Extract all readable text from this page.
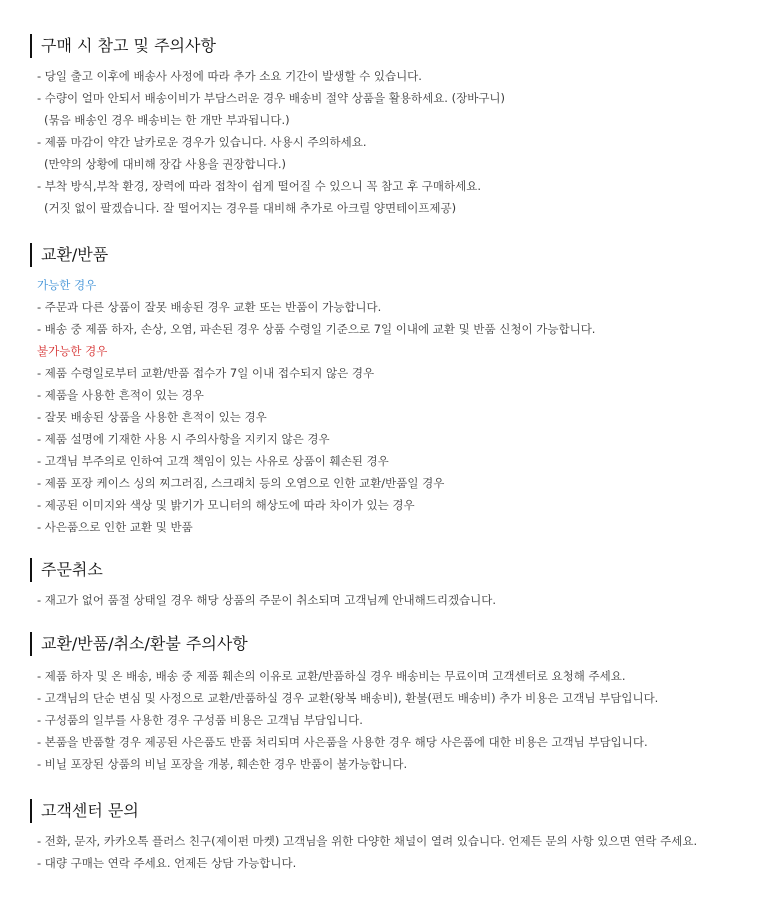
구매 시 참고 및 주의사항
- 당일 출고 이후에 배송사 사정에 따라 추가 소요 기간이 발생할 수 있습니다.
- 수량이 얼마 안되서 배송이비가 부담스러운 경우 배송비 절약 상품을 활용하세요. (장바구니)
(묶음 배송인 경우 배송비는 한 개만 부과됩니다.)
- 제품 마감이 약간 날카로운 경우가 있습니다. 사용시 주의하세요.
(만약의 상황에 대비해 장갑 사용을 권장합니다.)
- 부착 방식,부착 환경, 장력에 따라 접착이 쉽게 떨어질 수 있으니 꼭 참고 후 구매하세요.
(거짓 없이 팔겠습니다. 잘 떨어지는 경우를 대비해 추가로 아크릴 양면테이프제공)
교환/반품
가능한 경우
- 주문과 다른 상품이 잘못 배송된 경우 교환 또는 반품이 가능합니다.
- 배송 중 제품 하자, 손상, 오염, 파손된 경우 상품 수령일 기준으로 7일 이내에 교환 및 반품 신청이 가능합니다.
불가능한 경우
- 제품 수령일로부터 교환/반품 접수가 7일 이내 접수되지 않은 경우
- 제품을 사용한 흔적이 있는 경우
- 잘못 배송된 상품을 사용한 흔적이 있는 경우
- 제품 설명에 기재한 사용 시 주의사항을 지키지 않은 경우
- 고객님 부주의로 인하여 고객 책임이 있는 사유로 상품이 훼손된 경우
- 제품 포장 케이스 싱의 찌그러짐, 스크래치 등의 오염으로 인한 교환/반품일 경우
- 제공된 이미지와 색상 및 밝기가 모니터의 해상도에 따라 차이가 있는 경우
- 사은품으로 인한 교환 및 반품
주문취소
- 재고가 없어 품절 상태일 경우 해당 상품의 주문이 취소되며 고객님께 안내해드리겠습니다.
교환/반품/취소/환불 주의사항
- 제품 하자 및 온 배송, 배송 중 제품 훼손의 이유로 교환/반품하실 경우 배송비는 무료이며 고객센터로 요청해 주세요.
- 고객님의 단순 변심 및 사정으로 교환/반품하실 경우 교환(왕복 배송비), 환불(편도 배송비) 추가 비용은 고객님 부담입니다.
- 구성품의 일부를 사용한 경우 구성품 비용은 고객님 부담입니다.
- 본품을 반품할 경우 제공된 사은품도 반품 처리되며 사은품을 사용한 경우 해당 사은품에 대한 비용은 고객님 부담입니다.
- 비닐 포장된 상품의 비닐 포장을 개봉, 훼손한 경우 반품이 불가능합니다.
고객센터 문의
- 전화, 문자, 카카오톡 플러스 친구(제이펀 마켓) 고객님을 위한 다양한 채널이 열려 있습니다. 언제든 문의 사항 있으면 연락 주세요.
- 대량 구매는 연락 주세요. 언제든 상담 가능합니다.
